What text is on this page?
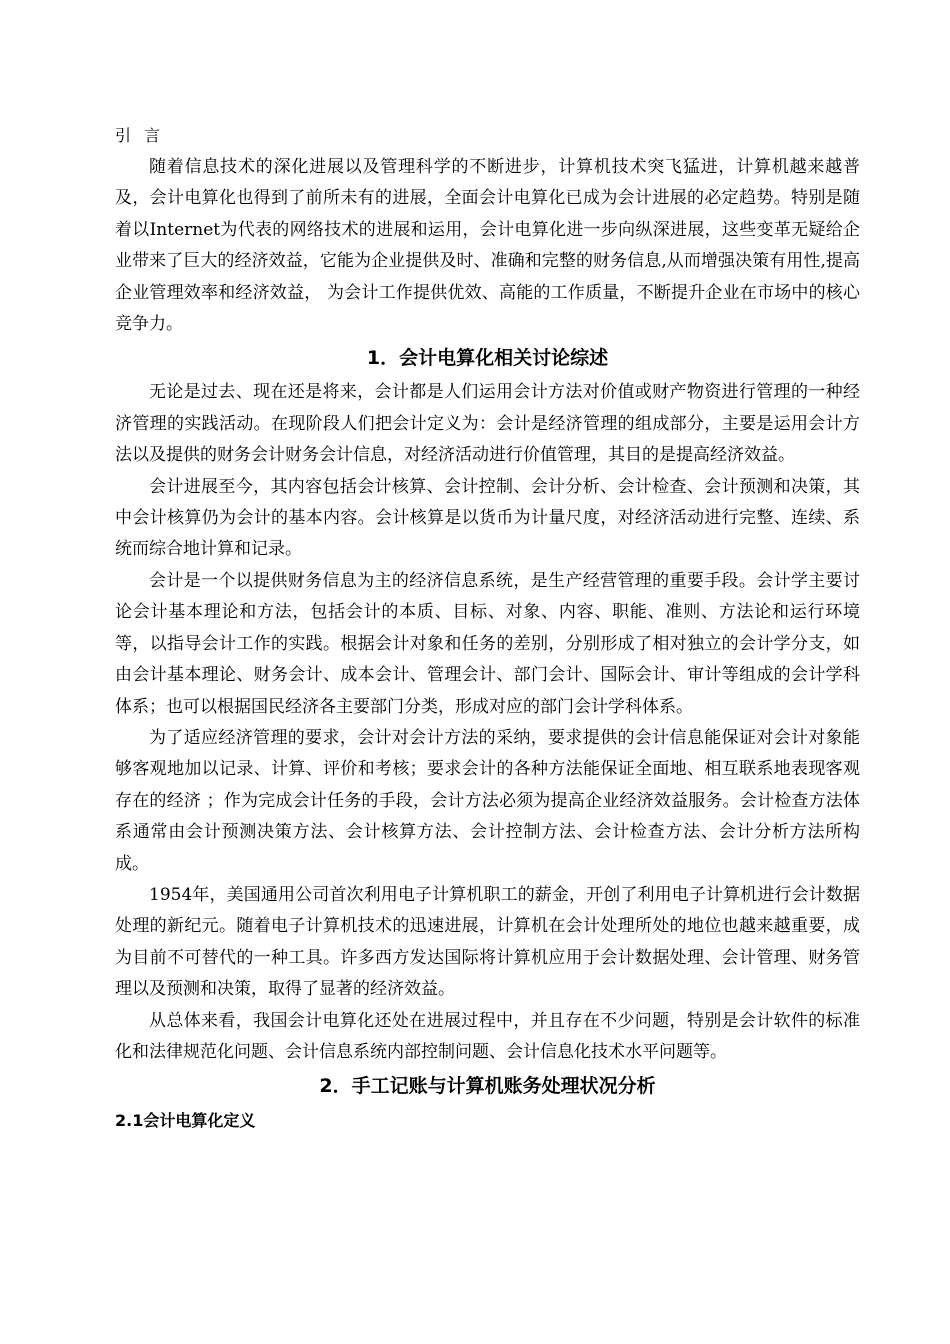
引 言

随着信息技术的深化进展以及管理科学的不断进步，计算机技术突飞猛进，计算机越来越普及，会计电算化也得到了前所未有的进展，全面会计电算化已成为会计进展的必定趋势。特别是随着以Internet为代表的网络技术的进展和运用，会计电算化进一步向纵深进展，这些变革无疑给企业带来了巨大的经济效益，它能为企业提供及时、准确和完整的财务信息,从而增强决策有用性,提高企业管理效率和经济效益， 为会计工作提供优效、高能的工作质量，不断提升企业在市场中的核心竞争力。

1．会计电算化相关讨论综述

无论是过去、现在还是将来，会计都是人们运用会计方法对价值或财产物资进行管理的一种经济管理的实践活动。在现阶段人们把会计定义为：会计是经济管理的组成部分，主要是运用会计方法以及提供的财务会计财务会计信息，对经济活动进行价值管理，其目的是提高经济效益。

会计进展至今，其内容包括会计核算、会计控制、会计分析、会计检查、会计预测和决策，其中会计核算仍为会计的基本内容。会计核算是以货币为计量尺度，对经济活动进行完整、连续、系统而综合地计算和记录。

会计是一个以提供财务信息为主的经济信息系统，是生产经营管理的重要手段。会计学主要讨论会计基本理论和方法，包括会计的本质、目标、对象、内容、职能、准则、方法论和运行环境等，以指导会计工作的实践。根据会计对象和任务的差别，分别形成了相对独立的会计学分支，如由会计基本理论、财务会计、成本会计、管理会计、部门会计、国际会计、审计等组成的会计学科体系；也可以根据国民经济各主要部门分类，形成对应的部门会计学科体系。

为了适应经济管理的要求，会计对会计方法的采纳，要求提供的会计信息能保证对会计对象能够客观地加以记录、计算、评价和考核；要求会计的各种方法能保证全面地、相互联系地表现客观存在的经济 ；作为完成会计任务的手段，会计方法必须为提高企业经济效益服务。会计检查方法体系通常由会计预测决策方法、会计核算方法、会计控制方法、会计检查方法、会计分析方法所构成。

1954年，美国通用公司首次利用电子计算机职工的薪金，开创了利用电子计算机进行会计数据处理的新纪元。随着电子计算机技术的迅速进展，计算机在会计处理所处的地位也越来越重要，成为目前不可替代的一种工具。许多西方发达国际将计算机应用于会计数据处理、会计管理、财务管理以及预测和决策，取得了显著的经济效益。

从总体来看，我国会计电算化还处在进展过程中，并且存在不少问题，特别是会计软件的标准化和法律规范化问题、会计信息系统内部控制问题、会计信息化技术水平问题等。

2．手工记账与计算机账务处理状况分析
2.1会计电算化定义
